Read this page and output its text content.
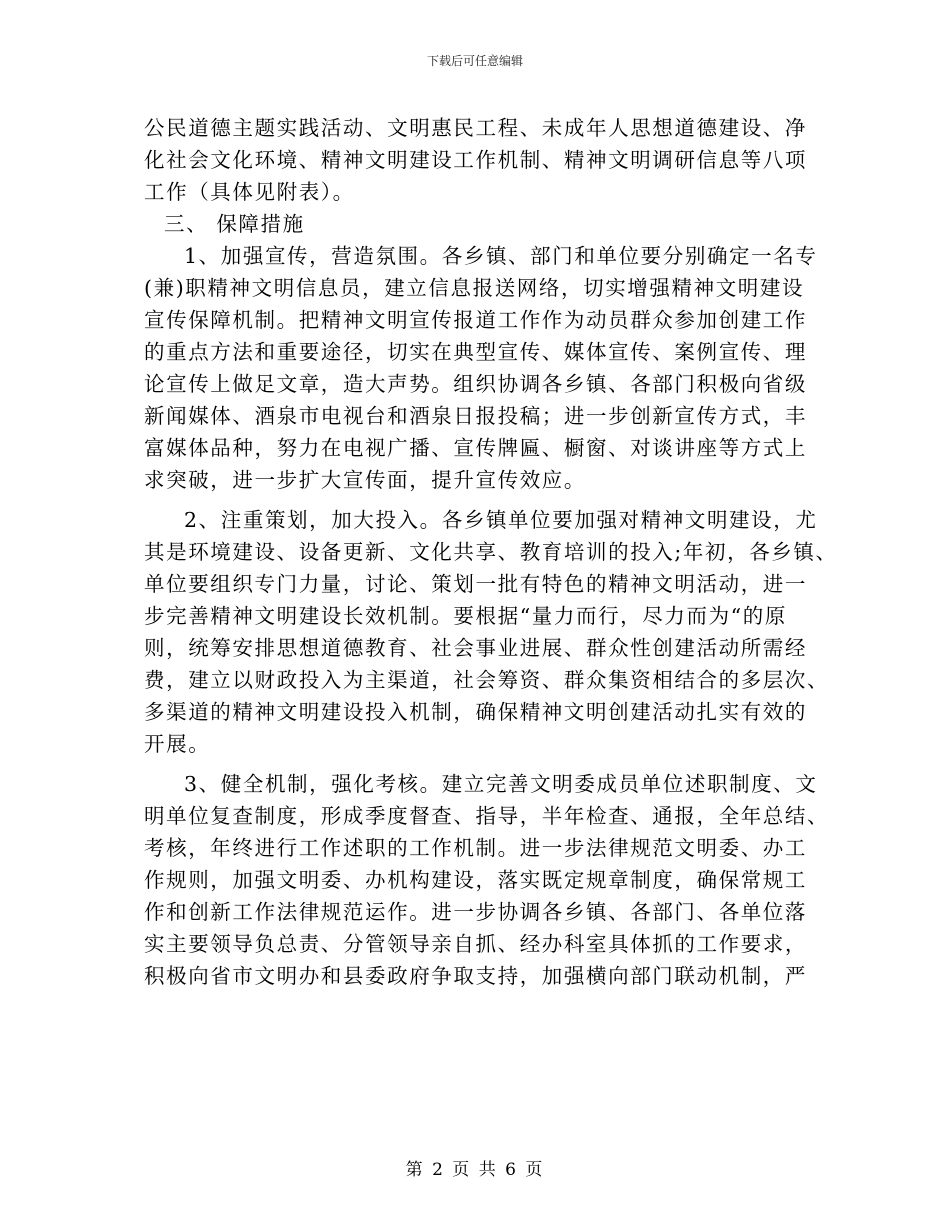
下载后可任意编辑
公民道德主题实践活动、文明惠民工程、未成年人思想道德建设、净
化社会文化环境、精神文明建设工作机制、精神文明调研信息等八项
工作（具体见附表）。
三、 保障措施
1、加强宣传，营造氛围。各乡镇、部门和单位要分别确定一名专
(兼)职精神文明信息员，建立信息报送网络，切实增强精神文明建设
宣传保障机制。把精神文明宣传报道工作作为动员群众参加创建工作
的重点方法和重要途径，切实在典型宣传、媒体宣传、案例宣传、理
论宣传上做足文章，造大声势。组织协调各乡镇、各部门积极向省级
新闻媒体、酒泉市电视台和酒泉日报投稿；进一步创新宣传方式，丰
富媒体品种，努力在电视广播、宣传牌匾、橱窗、对谈讲座等方式上
求突破，进一步扩大宣传面，提升宣传效应。
2、注重策划，加大投入。各乡镇单位要加强对精神文明建设，尤
其是环境建设、设备更新、文化共享、教育培训的投入;年初，各乡镇、
单位要组织专门力量，讨论、策划一批有特色的精神文明活动，进一
步完善精神文明建设长效机制。要根据“量力而行，尽力而为“的原
则，统筹安排思想道德教育、社会事业进展、群众性创建活动所需经
费，建立以财政投入为主渠道，社会筹资、群众集资相结合的多层次、
多渠道的精神文明建设投入机制，确保精神文明创建活动扎实有效的
开展。
3、健全机制，强化考核。建立完善文明委成员单位述职制度、文
明单位复查制度，形成季度督查、指导，半年检查、通报，全年总结、
考核，年终进行工作述职的工作机制。进一步法律规范文明委、办工
作规则，加强文明委、办机构建设，落实既定规章制度，确保常规工
作和创新工作法律规范运作。进一步协调各乡镇、各部门、各单位落
实主要领导负总责、分管领导亲自抓、经办科室具体抓的工作要求，
积极向省市文明办和县委政府争取支持，加强横向部门联动机制，严
第 2 页 共 6 页
